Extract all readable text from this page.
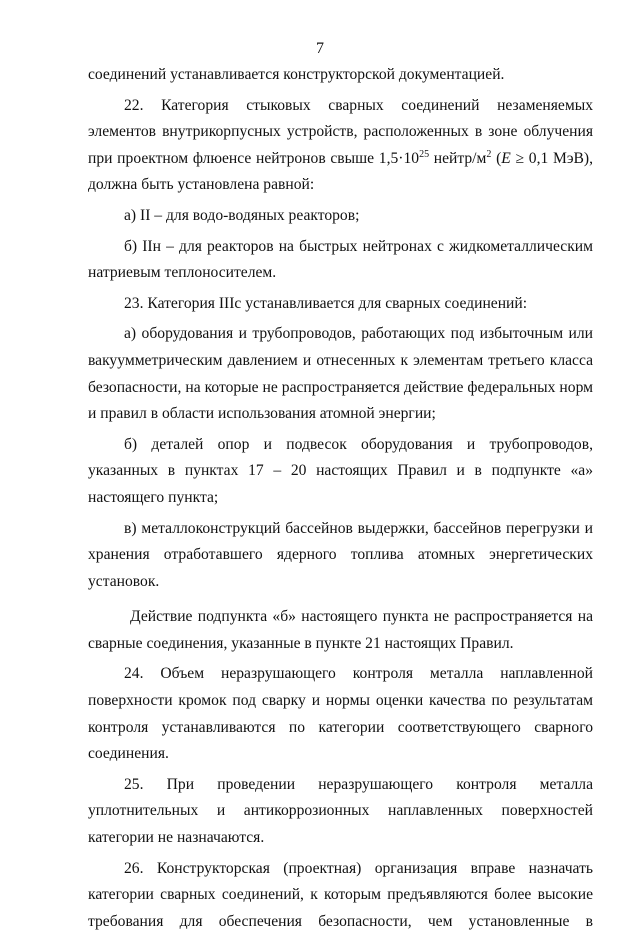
7

соединений устанавливается конструкторской документацией.

22. Категория стыковых сварных соединений незаменяемых элементов внутрикорпусных устройств, расположенных в зоне облучения при проектном флюенсе нейтронов свыше $1,5\cdot 10^{25}$ нейтр/$м^2$ (E ≥ 0,1 МэВ), должна быть установлена равной:

а) II – для водо-водяных реакторов;

б) IIн – для реакторов на быстрых нейтронах с жидкометаллическим натриевым теплоносителем.

23. Категория IIIс устанавливается для сварных соединений:

а) оборудования и трубопроводов, работающих под избыточным или вакуумметрическим давлением и отнесенных к элементам третьего класса безопасности, на которые не распространяется действие федеральных норм и правил в области использования атомной энергии;

б) деталей опор и подвесок оборудования и трубопроводов, указанных в пунктах 17 – 20 настоящих Правил и в подпункте «а» настоящего пункта;

в) металлоконструкций бассейнов выдержки, бассейнов перегрузки и хранения отработавшего ядерного топлива атомных энергетических установок.

Действие подпункта «б» настоящего пункта не распространяется на сварные соединения, указанные в пункте 21 настоящих Правил.

24. Объем неразрушающего контроля металла наплавленной поверхности кромок под сварку и нормы оценки качества по результатам контроля устанавливаются по категории соответствующего сварного соединения.

25. При проведении неразрушающего контроля металла уплотнительных и антикоррозионных наплавленных поверхностей категории не назначаются.

26. Конструкторская (проектная) организация вправе назначать категории сварных соединений, к которым предъявляются более высокие требования для обеспечения безопасности, чем установленные в
